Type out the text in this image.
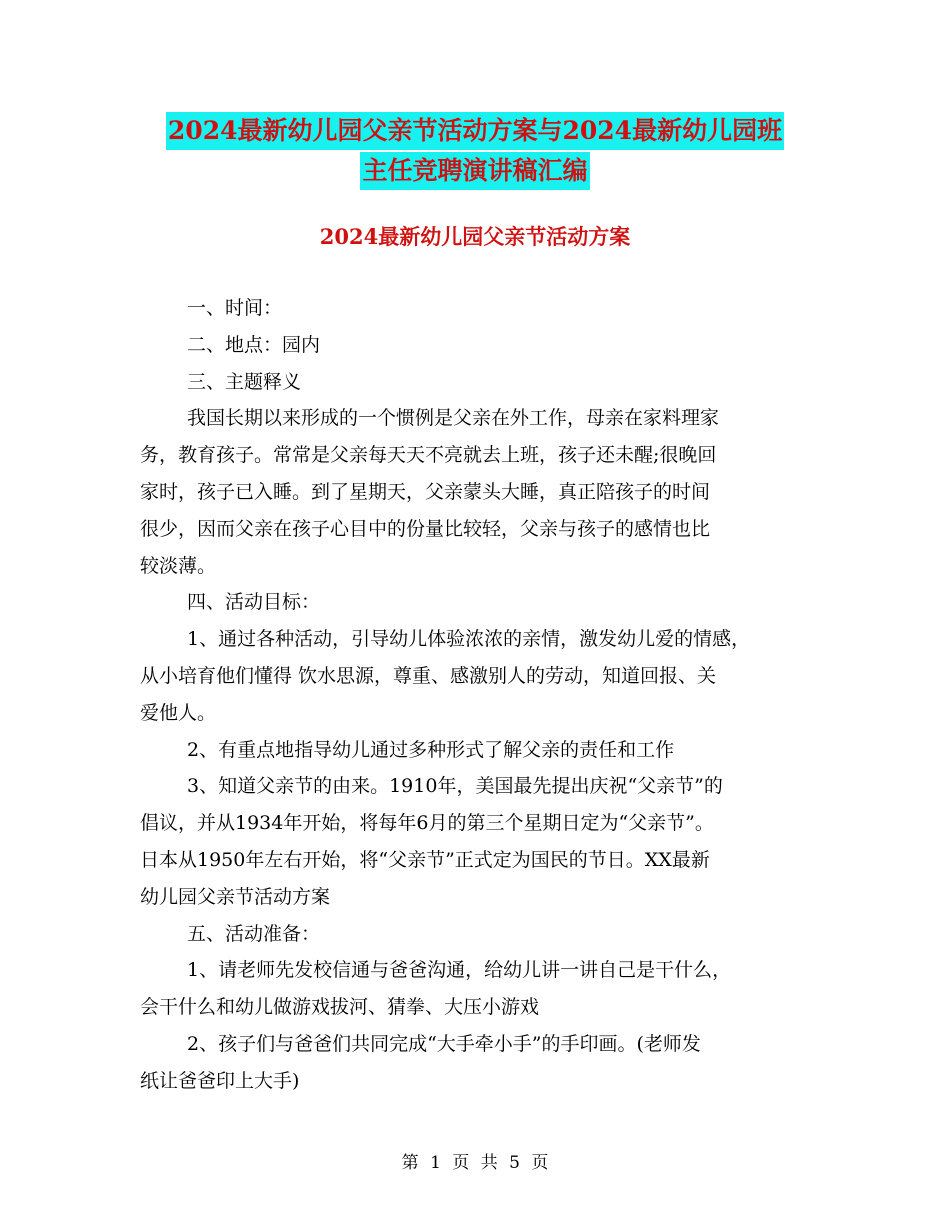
2024最新幼儿园父亲节活动方案与2024最新幼儿园班
主任竞聘演讲稿汇编
2024最新幼儿园父亲节活动方案

一、时间：

二、地点：园内

三、主题释义

我国长期以来形成的一个惯例是父亲在外工作，母亲在家料理家

务，教育孩子。常常是父亲每天天不亮就去上班，孩子还未醒;很晚回

家时，孩子已入睡。到了星期天，父亲蒙头大睡，真正陪孩子的时间

很少，因而父亲在孩子心目中的份量比较轻，父亲与孩子的感情也比

较淡薄。

四、活动目标：

1、通过各种活动，引导幼儿体验浓浓的亲情，激发幼儿爱的情感，

从小培育他们懂得 饮水思源，尊重、感激别人的劳动，知道回报、关

爱他人。

2、有重点地指导幼儿通过多种形式了解父亲的责任和工作

3、知道父亲节的由来。1910年，美国最先提出庆祝“父亲节”的

倡议，并从1934年开始，将每年6月的第三个星期日定为“父亲节”。

日本从1950年左右开始，将“父亲节”正式定为国民的节日。XX最新

幼儿园父亲节活动方案

五、活动准备：

1、请老师先发校信通与爸爸沟通，给幼儿讲一讲自己是干什么，

会干什么和幼儿做游戏拔河、猜拳、大压小游戏

2、孩子们与爸爸们共同完成“大手牵小手”的手印画。(老师发

纸让爸爸印上大手)

第 1 页 共 5 页
